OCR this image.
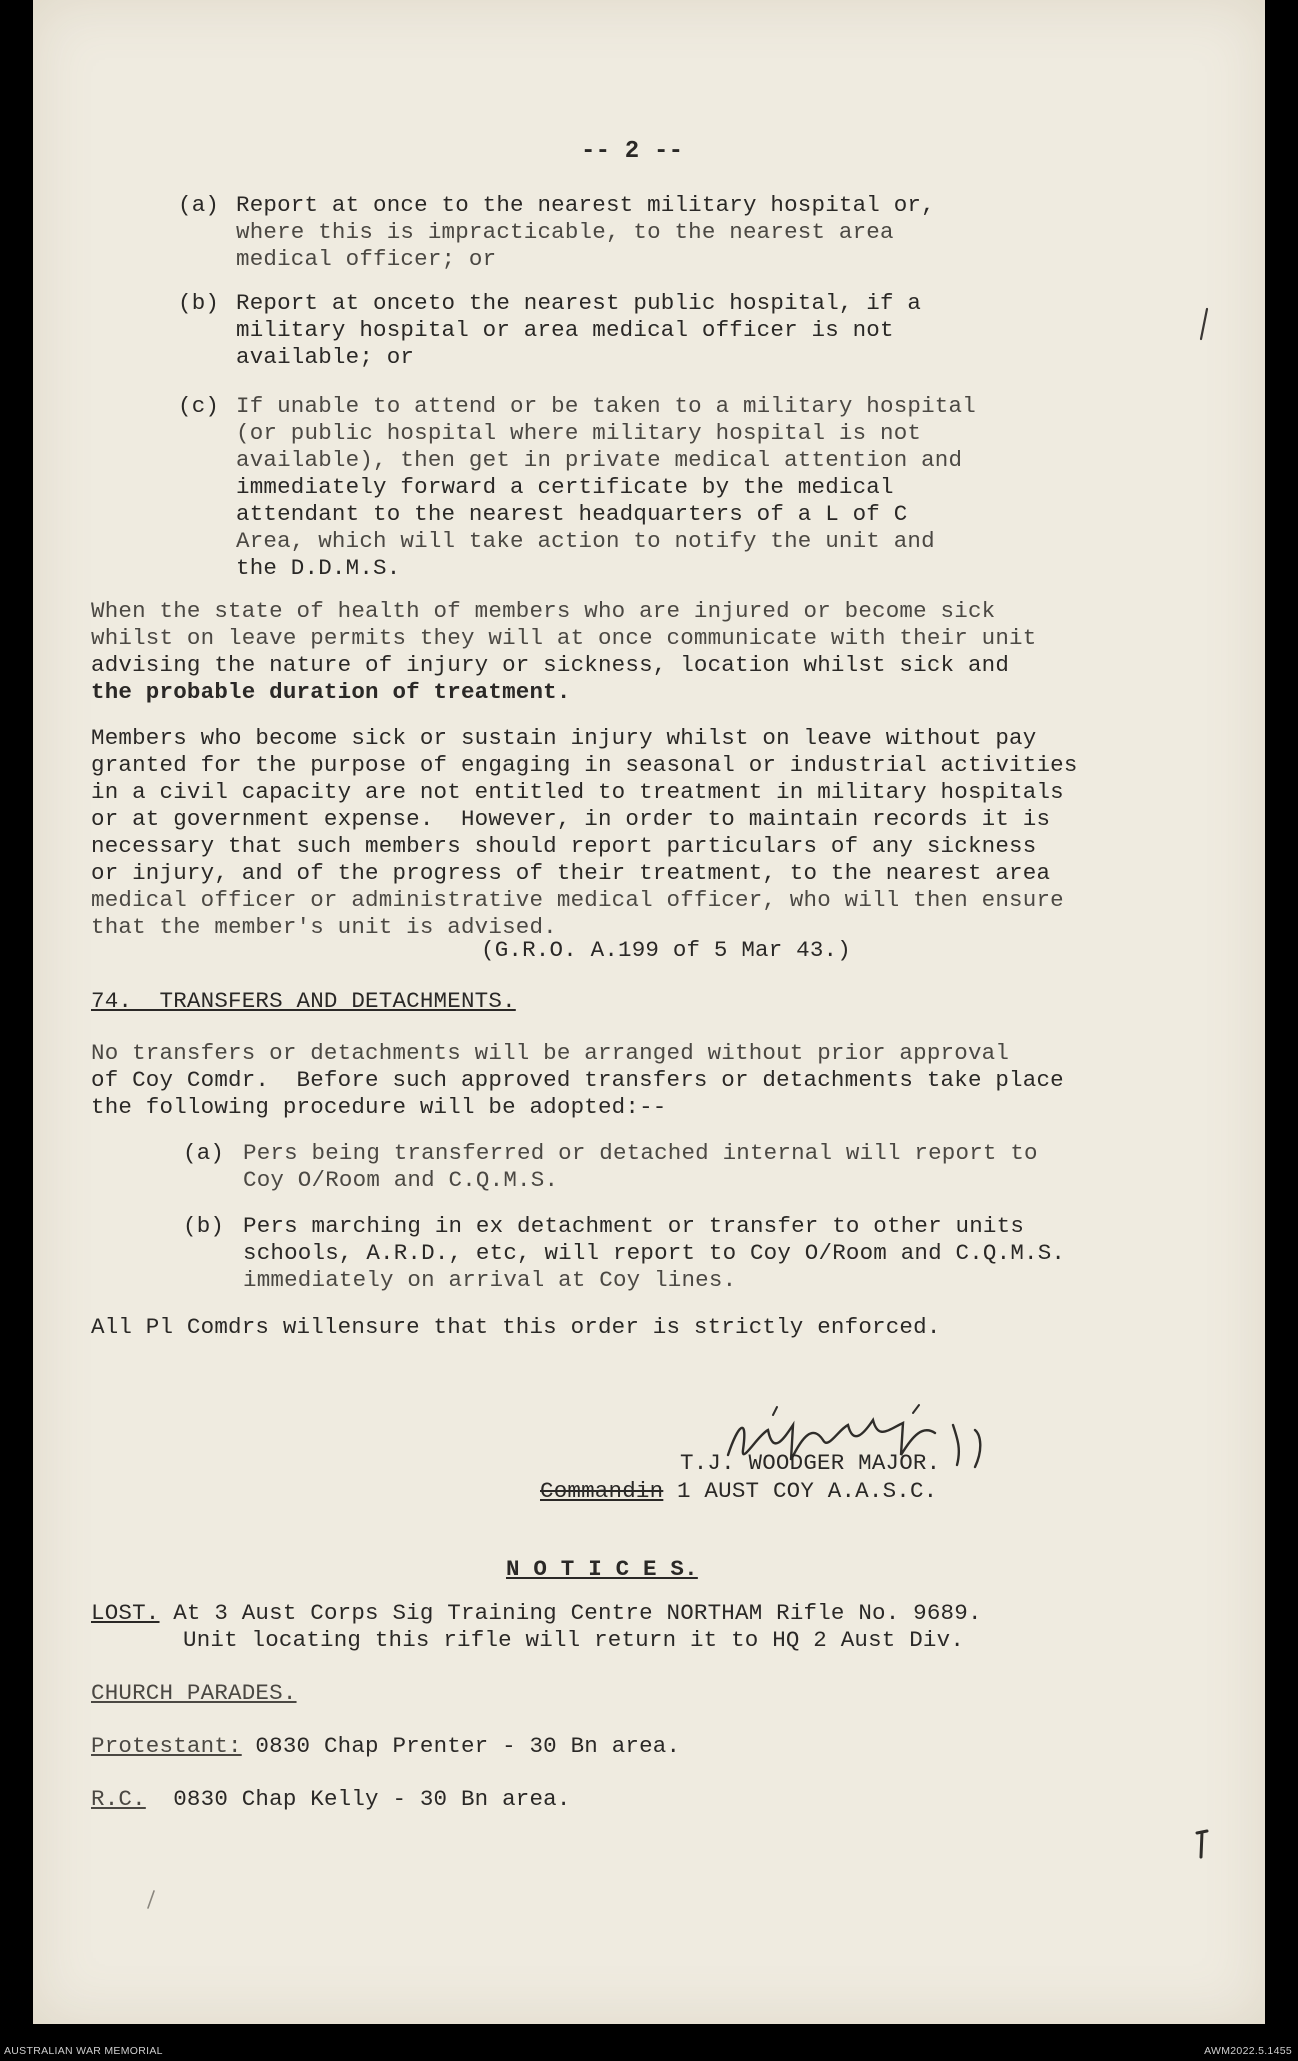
-- 2 --
(a) Report at once to the nearest military hospital or,
where this is impracticable, to the nearest area
medical officer; or
(b) Report at onceto the nearest public hospital, if a
military hospital or area medical officer is not
available; or
(c) If unable to attend or be taken to a military hospital
(or public hospital where military hospital is not
available), then get in private medical attention and
immediately forward a certificate by the medical
attendant to the nearest headquarters of a L of C
Area, which will take action to notify the unit and
the D.D.M.S.
When the state of health of members who are injured or become sick
whilst on leave permits they will at once communicate with their unit
advising the nature of injury or sickness, location whilst sick and
the probable duration of treatment.
Members who become sick or sustain injury whilst on leave without pay
granted for the purpose of engaging in seasonal or industrial activities
in a civil capacity are not entitled to treatment in military hospitals
or at government expense.  However, in order to maintain records it is
necessary that such members should report particulars of any sickness
or injury, and of the progress of their treatment, to the nearest area
medical officer or administrative medical officer, who will then ensure
that the member's unit is advised.
(G.R.O. A.199 of 5 Mar 43.)
74.  TRANSFERS AND DETACHMENTS.
No transfers or detachments will be arranged without prior approval
of Coy Comdr.  Before such approved transfers or detachments take place
the following procedure will be adopted:--
(a) Pers being transferred or detached internal will report to
Coy O/Room and C.Q.M.S.
(b) Pers marching in ex detachment or transfer to other units
schools, A.R.D., etc, will report to Coy O/Room and C.Q.M.S.
immediately on arrival at Coy lines.
All Pl Comdrs willensure that this order is strictly enforced.
T.J. WOODGER MAJOR.
Commandin 1 AUST COY A.A.S.C.
N O T I C E S.
LOST. At 3 Aust Corps Sig Training Centre NORTHAM Rifle No. 9689.
Unit locating this rifle will return it to HQ 2 Aust Div.
CHURCH PARADES.
Protestant: 0830 Chap Prenter - 30 Bn area.
R.C.  0830 Chap Kelly - 30 Bn area.
AUSTRALIAN WAR MEMORIAL	AWM2022.5.1455
